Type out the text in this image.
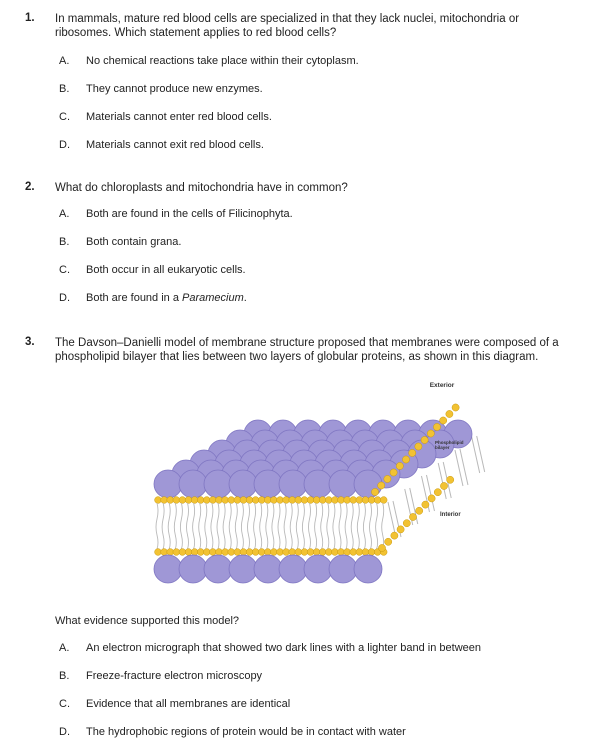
1. In mammals, mature red blood cells are specialized in that they lack nuclei, mitochondria or ribosomes. Which statement applies to red blood cells?
A. No chemical reactions take place within their cytoplasm.
B. They cannot produce new enzymes.
C. Materials cannot enter red blood cells.
D. Materials cannot exit red blood cells.
2. What do chloroplasts and mitochondria have in common?
A. Both are found in the cells of Filicinophyta.
B. Both contain grana.
C. Both occur in all eukaryotic cells.
D. Both are found in a Paramecium.
3. The Davson–Danielli model of membrane structure proposed that membranes were composed of a phospholipid bilayer that lies between two layers of globular proteins, as shown in this diagram.
Exterior
Phospholipid bilayer
Interior
What evidence supported this model?
A. An electron micrograph that showed two dark lines with a lighter band in between
B. Freeze-fracture electron microscopy
C. Evidence that all membranes are identical
D. The hydrophobic regions of protein would be in contact with water
